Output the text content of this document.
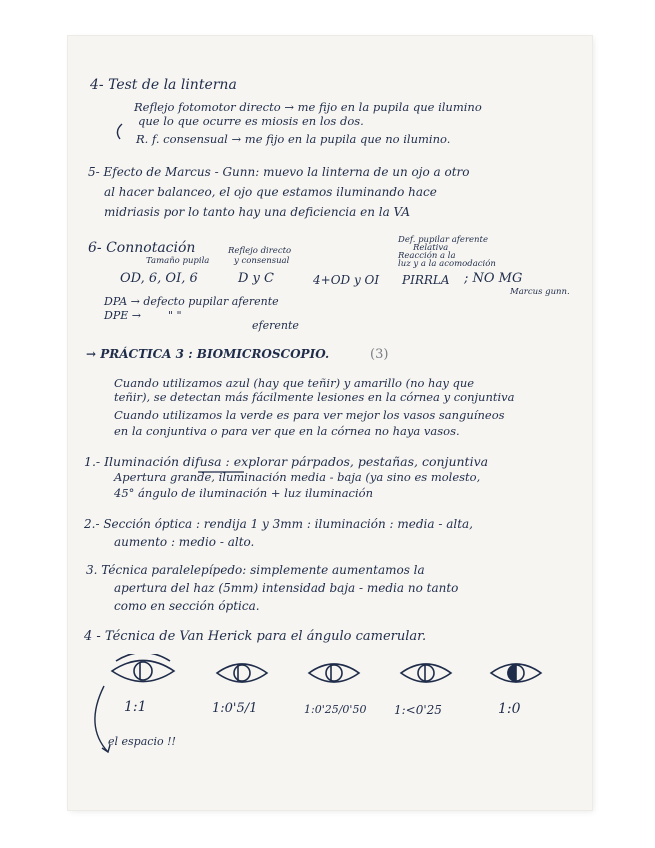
4- Test de la linterna
Reflejo fotomotor directo → me fijo en la pupila que ilumino
que lo que ocurre es miosis en los dos.
R. f. consensual → me fijo en la pupila que no ilumino.
5- Efecto de Marcus - Gunn: muevo la linterna de un ojo a otro
al hacer balanceo, el ojo que estamos iluminando hace
midriasis por lo tanto hay una deficiencia en la VA
6- Connotación
Tamaño pupila
Reflejo directo
y consensual
Def. pupilar aferente
Relativa
Reacción a la
luz y a la acomodación
OD, 6, OI, 6	D y C	4+OD y OI PIRRLA ; NO MG
Marcus gunn.
DPA → defecto pupilar aferente
DPE → " "
eferente
→ PRÁCTICA 3 : BIOMICROSCOPIO.	(3)
Cuando utilizamos azul (hay que teñir) y amarillo (no hay que
teñir), se detectan más fácilmente lesiones en la córnea y conjuntiva
Cuando utilizamos la verde es para ver mejor los vasos sanguíneos
en la conjuntiva o para ver que en la córnea no haya vasos.
1.- Iluminación difusa : explorar párpados, pestañas, conjuntiva
Apertura grande, iluminación media - baja (ya sino es molesto,
45° ángulo de iluminación + luz iluminación
2.- Sección óptica : rendija 1 y 3mm : iluminación : media - alta,
aumento : medio - alto.
3. Técnica paralelepípedo: simplemente aumentamos la
apertura del haz (5mm) intensidad baja - media no tanto
como en sección óptica.
4 - Técnica de Van Herick para el ángulo camerular.
1:1	1:0'5/1	1:0'25/0'50 1:<0'25	1:0
el espacio !!
